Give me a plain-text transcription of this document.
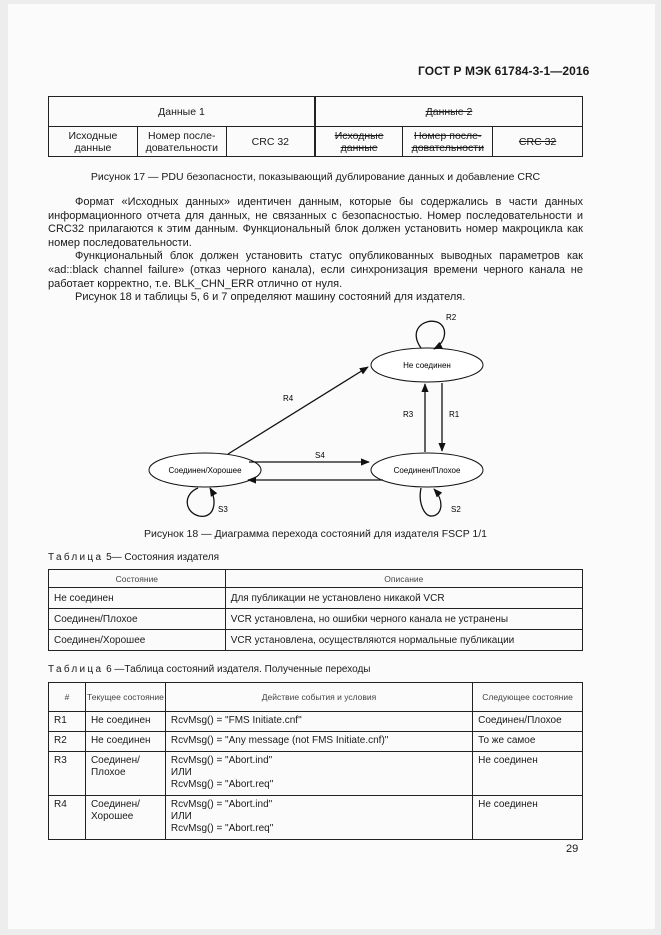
ГОСТ Р МЭК 61784-3-1—2016
Данные 1			Данные 2		
Исходные данные	Номер после-довательности	CRC 32	Исходные данные	Номер после-довательности	CRC 32
Рисунок 17 — PDU безопасности, показывающий дублирование данных и добавление CRC

Формат «Исходных данных» идентичен данным, которые бы содержались в части данных информационного отчета для данных, не связанных с безопасностью. Номер последовательности и CRC32 прилагаются к этим данным. Функциональный блок должен установить номер макроцикла как номер последовательности.

Функциональный блок должен установить статус опубликованных выводных параметров как «ad::black channel failure» (отказ черного канала), если синхронизация времени черного канала не работает корректно, т.е. BLK_CHN_ERR отлично от нуля.

Рисунок 18 и таблицы 5, 6 и 7 определяют машину состояний для издателя.

Не соединен
Соединен/Хорошее	Соединен/Плохое
R2
R1
R3
R4
S4
S3	S2
Рисунок 18 — Диаграмма перехода состояний для издателя FSCP 1/1
Таблица 5— Состояния издателя
Состояние	Описание
Не соединен	Для публикации не установлено никакой VCR
Соединен/Плохое	VCR установлена, но ошибки черного канала не устранены
Соединен/Хорошее	VCR установлена, осуществляются нормальные публикации
Таблица 6 —Таблица состояний издателя. Полученные переходы
#	Текущее состояние	Действие события и условия	Следующее состояние
R1	Не соединен	RcvMsg() = "FMS Initiate.cnf"	Соединен/Плохое
R2	Не соединен	RcvMsg() = "Any message (not FMS Initiate.cnf)"	То же самое
R3	Соединен/ Плохое	RcvMsg() = "Abort.ind"
ИЛИ
RcvMsg() = "Abort.req"	Не соединен
R4	Соединен/ Хорошее	RcvMsg() = "Abort.ind"
ИЛИ
RcvMsg() = "Abort.req"	Не соединен
29
